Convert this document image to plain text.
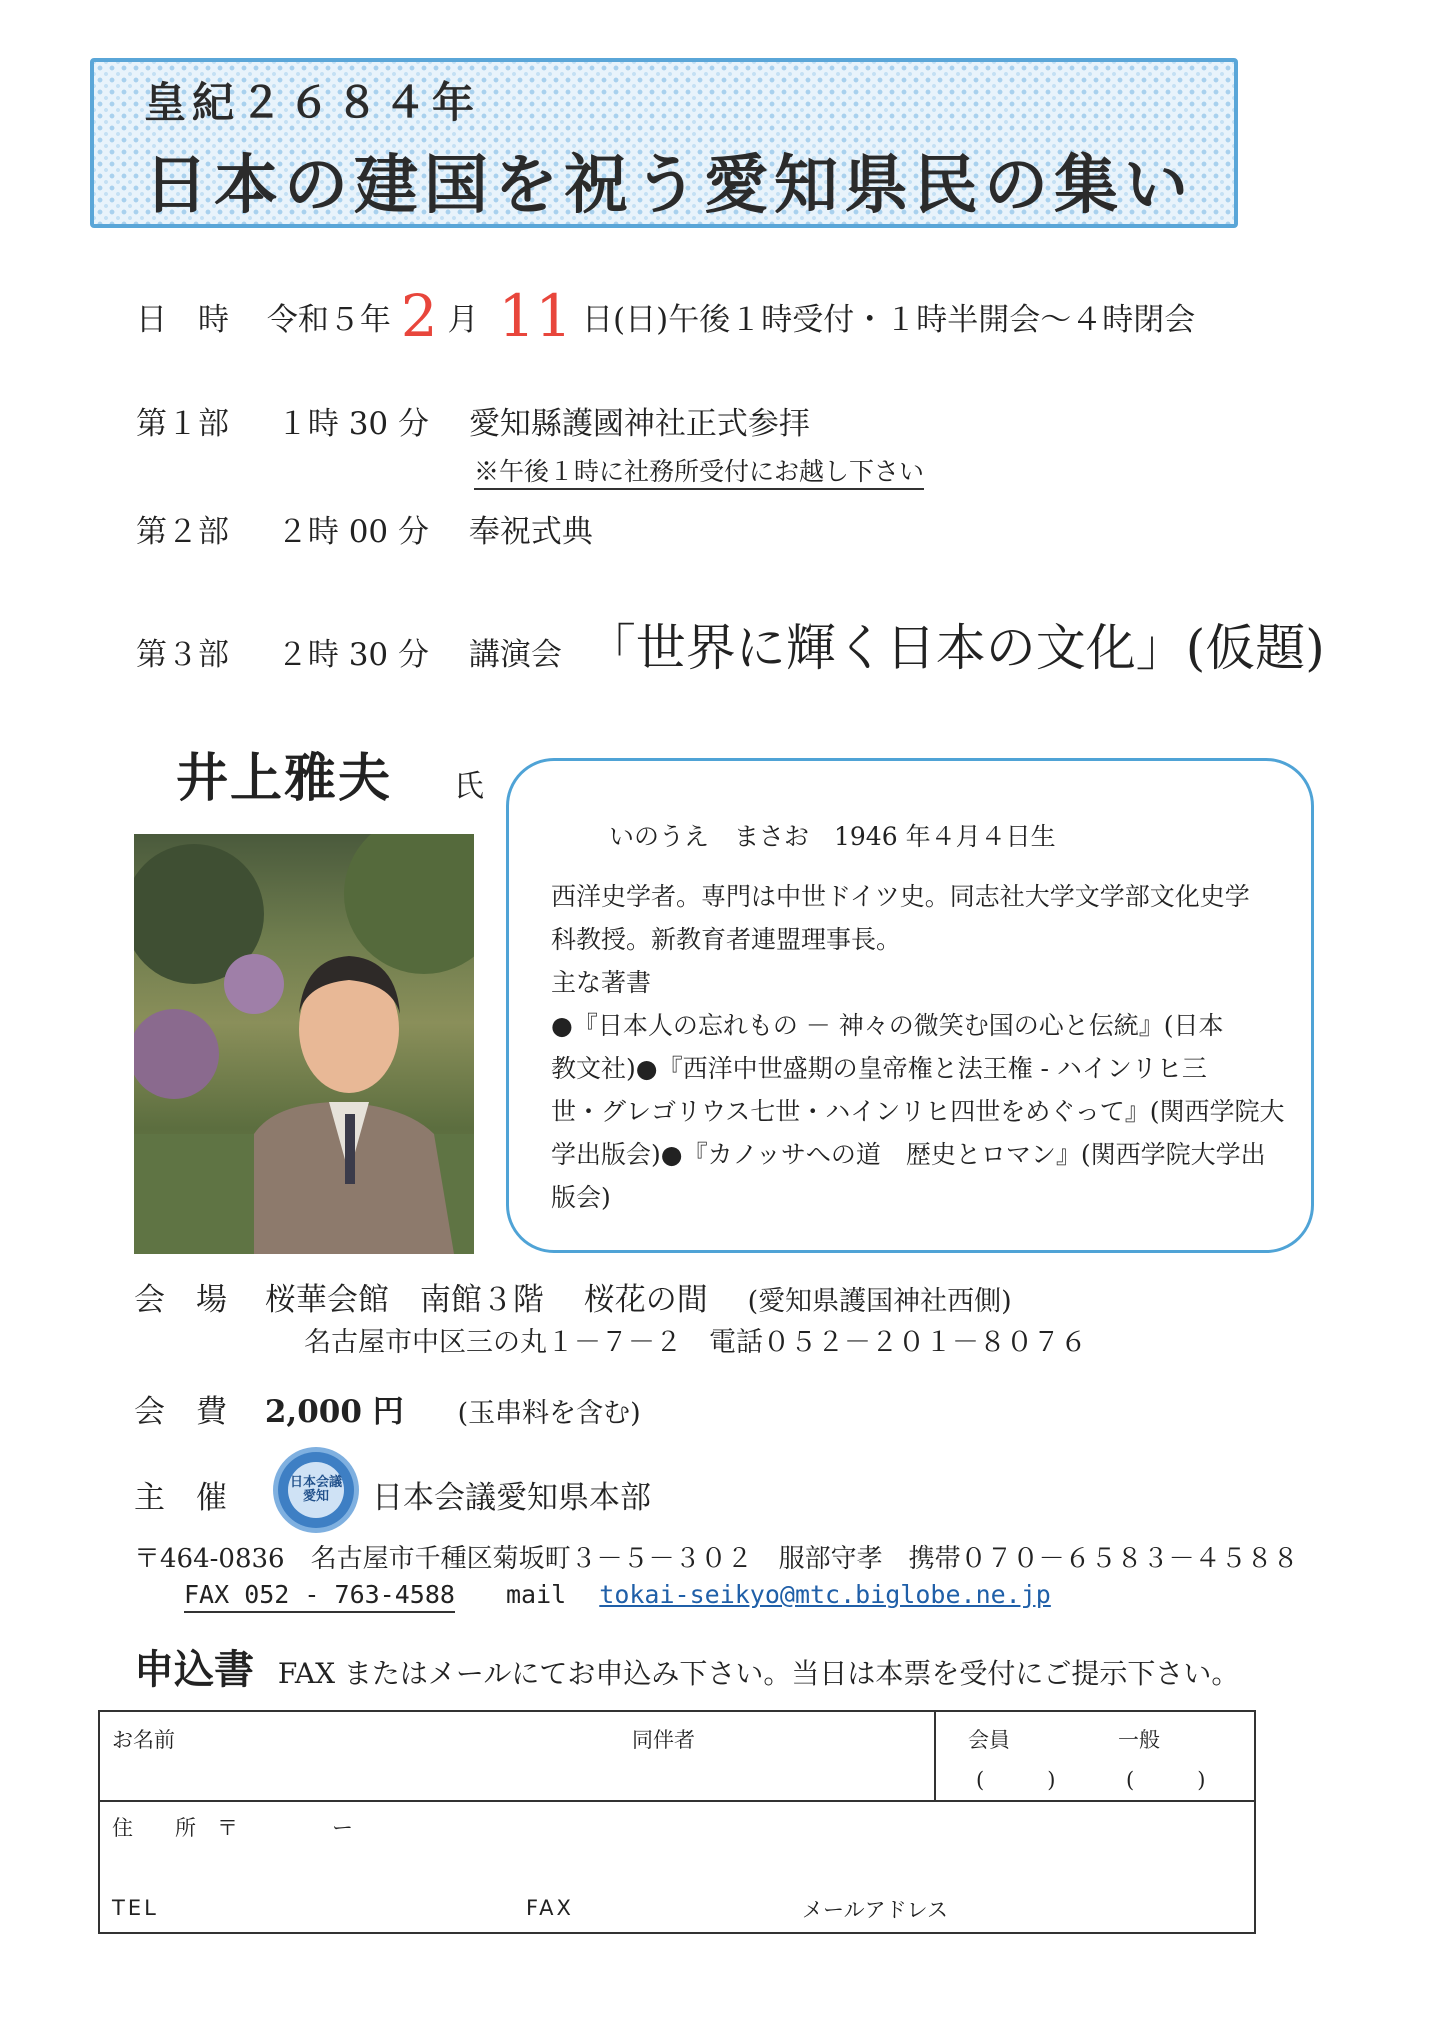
皇紀２６８４年
日本の建国を祝う愛知県民の集い
日　時 令和５年 2 月 11 日(日)午後１時受付・１時半開会～４時閉会
第１部 １時 30 分 愛知縣護國神社正式参拝
※午後１時に社務所受付にお越し下さい
第２部 ２時 00 分 奉祝式典
第３部 ２時 30 分 講演会 「世界に輝く日本の文化」(仮題)
井上雅夫 氏
いのうえ　まさお　1946 年４月４日生
西洋史学者。専門は中世ドイツ史。同志社大学文学部文化史学
科教授。新教育者連盟理事長。
主な著書
●『日本人の忘れもの － 神々の微笑む国の心と伝統』(日本
教文社)●『西洋中世盛期の皇帝権と法王権 - ハインリヒ三
世・グレゴリウス七世・ハインリヒ四世をめぐって』(関西学院大
学出版会)●『カノッサへの道　歴史とロマン』(関西学院大学出
版会)
会　場 桜華会館　南館３階 桜花の間 (愛知県護国神社西側)
名古屋市中区三の丸１－７－２　電話０５２－２０１－８０７６
会　費 2,000 円 (玉串料を含む)
主　催	日本会議愛知	日本会議愛知県本部
〒464-0836　名古屋市千種区菊坂町３－５－３０２　服部守孝　携帯０７０－６５８３－４５８８
FAX 052 - 763-4588 mail tokai-seikyo@mtc.biglobe.ne.jp
申込書 FAX またはメールにてお申込み下さい。当日は本票を受付にご提示下さい。
お名前	同伴者	会員	一般
(　　　)	(　　　)
住　　所　〒	ー
TEL	FAX	メールアドレス
